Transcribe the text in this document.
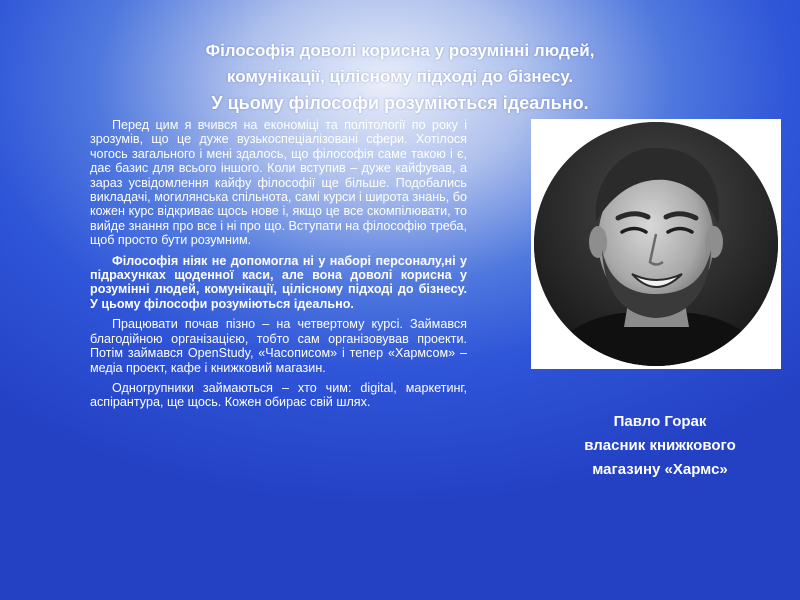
Філософія доволі корисна у розумінні людей,
комунікації, цілісному підході до бізнесу.
У цьому філософи розуміються ідеально.

Перед цим я вчився на економіці та політології по року і зрозумів, що це дуже вузькоспеціалізовані сфери. Хотілося чогось загального і мені здалось, що філософія саме такою і є, дає базис для всього іншого. Коли вступив – дуже кайфував, а зараз усвідомлення кайфу філософії ще більше. Подобались викладачі, могилянська спільнота, самі курси і широта знань, бо кожен курс відкриває щось нове і, якщо це все скомпілювати, то вийде знання про все і ні про що. Вступати на філософію треба, щоб просто бути розумним.

Філософія ніяк не допомогла ні у наборі персоналу,ні у підрахунках щоденної каси, але вона доволі корисна у розумінні людей, комунікації, цілісному підході до бізнесу. У цьому філософи розуміються ідеально.

Працювати почав пізно – на четвертому курсі. Займався благодійною організацією, тобто сам організовував проекти. Потім займався OpenStudy, «Часописом» і тепер «Хармсом» – медіа проект, кафе і книжковий магазин.

Одногрупники займаються – хто чим: digital, маркетинг, аспірантура, ще щось. Кожен обирає свій шлях.

Павло Горак
власник книжкового
магазину «Хармс»
